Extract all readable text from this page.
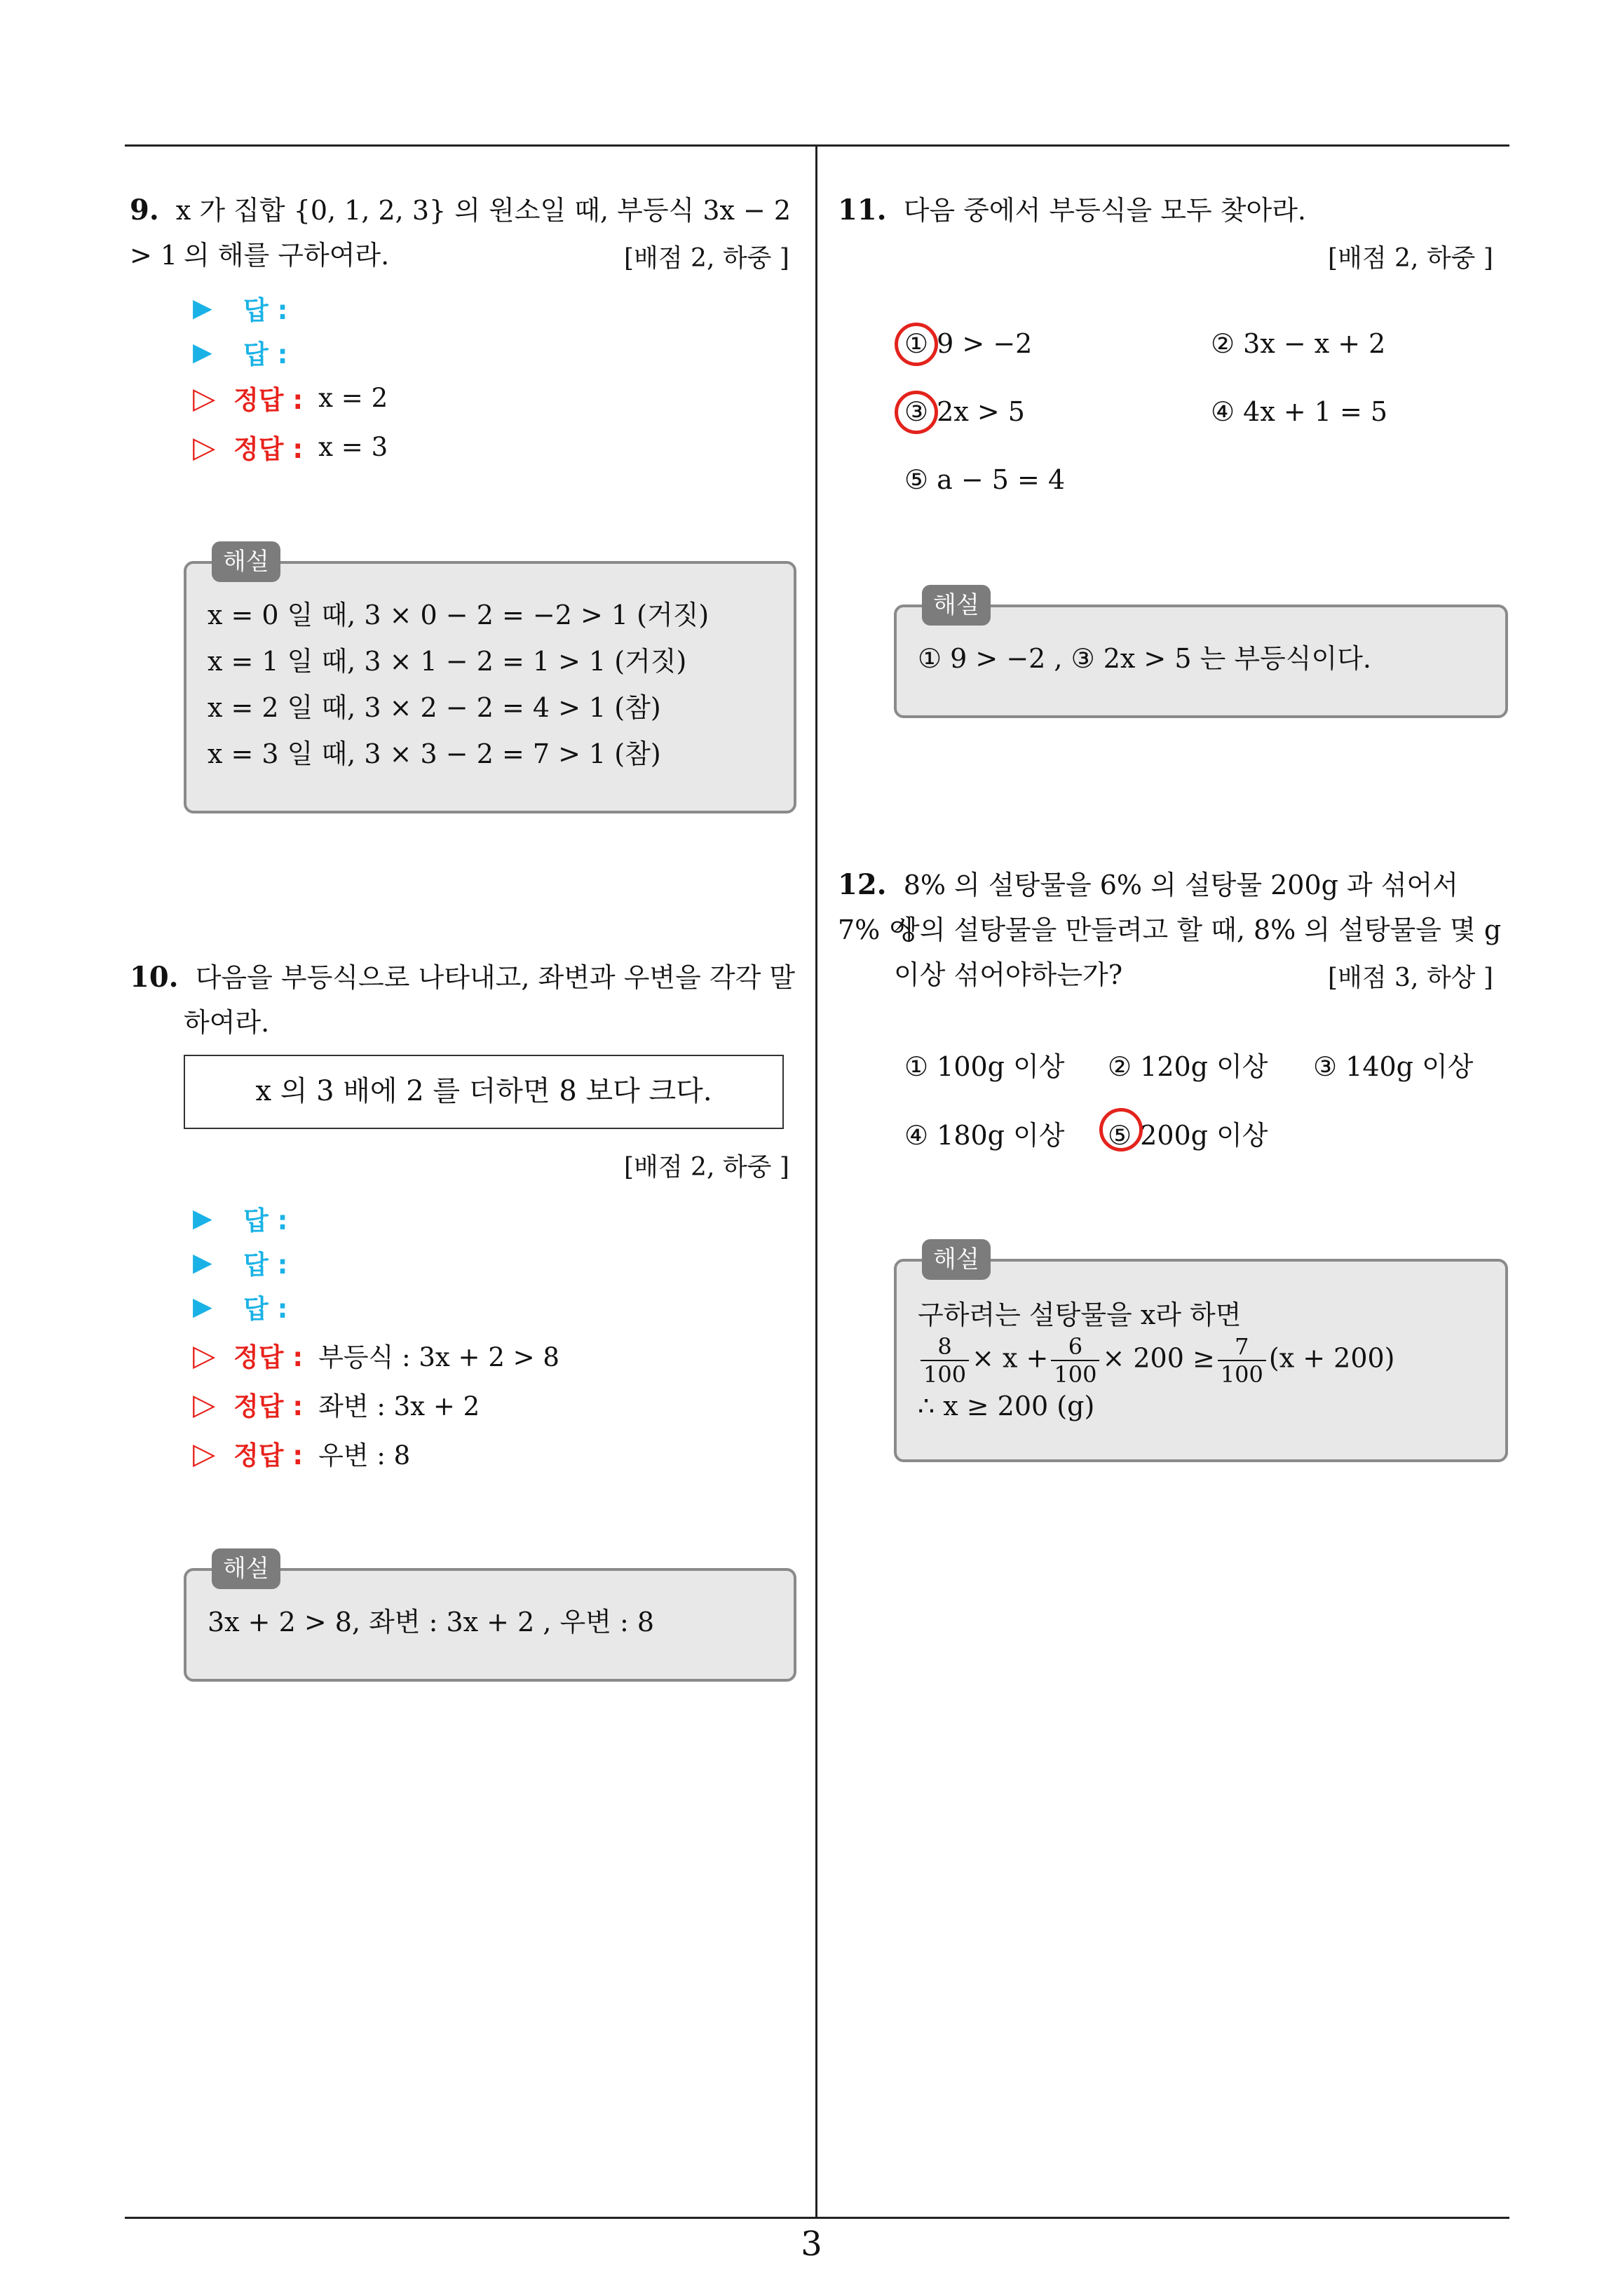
3
9. x 가 집합 {0, 1, 2, 3} 의 원소일 때, 부등식 3x − 2 > 1 의 해를 구하여라.	[배점 2, 하중 ]
▶	답 :
▶	답 :
▷ 정답 : x = 2
▷ 정답 : x = 3
x = 0 일 때, 3 × 0 − 2 = −2 > 1 (거짓)
x = 1 일 때, 3 × 1 − 2 = 1 > 1 (거짓)
x = 2 일 때, 3 × 2 − 2 = 4 > 1 (참)
x = 3 일 때, 3 × 3 − 2 = 7 > 1 (참)
해설
10. 다음을 부등식으로 나타내고, 좌변과 우변을 각각 말
하여라.
x 의 3 배에 2 를 더하면 8 보다 크다.
[배점 2, 하중 ]
▶	답 :
▶	답 :
▶	답 :
▷ 정답 : 부등식 : 3x + 2 > 8
▷ 정답 : 좌변 : 3x + 2
▷ 정답 : 우변 : 8
3x + 2 > 8, 좌변 : 3x + 2 , 우변 : 8
해설
11. 다음 중에서 부등식을 모두 찾아라.
[배점 2, 하중 ]
① 9 > −2	② 3x − x + 2
③ 2x > 5	④ 4x + 1 = 5
⑤ a − 5 = 4
① 9 > −2 , ③ 2x > 5 는 부등식이다.
해설
12. 8% 의 설탕물을 6% 의 설탕물 200g 과 섞어서 7% 이
상의 설탕물을 만들려고 할 때, 8% 의 설탕물을 몇 g
이상 섞어야하는가?	[배점 3, 하상 ]
① 100g 이상 ② 120g 이상 ③ 140g 이상
④ 180g 이상 ⑤ 200g 이상
구하려는 설탕물을 x라 하면
$\frac{8}{100} \times x + \frac{6}{100} \times 200 \ge \frac{7}{100} (x + 200)$
∴ x ≥ 200 (g)
해설
